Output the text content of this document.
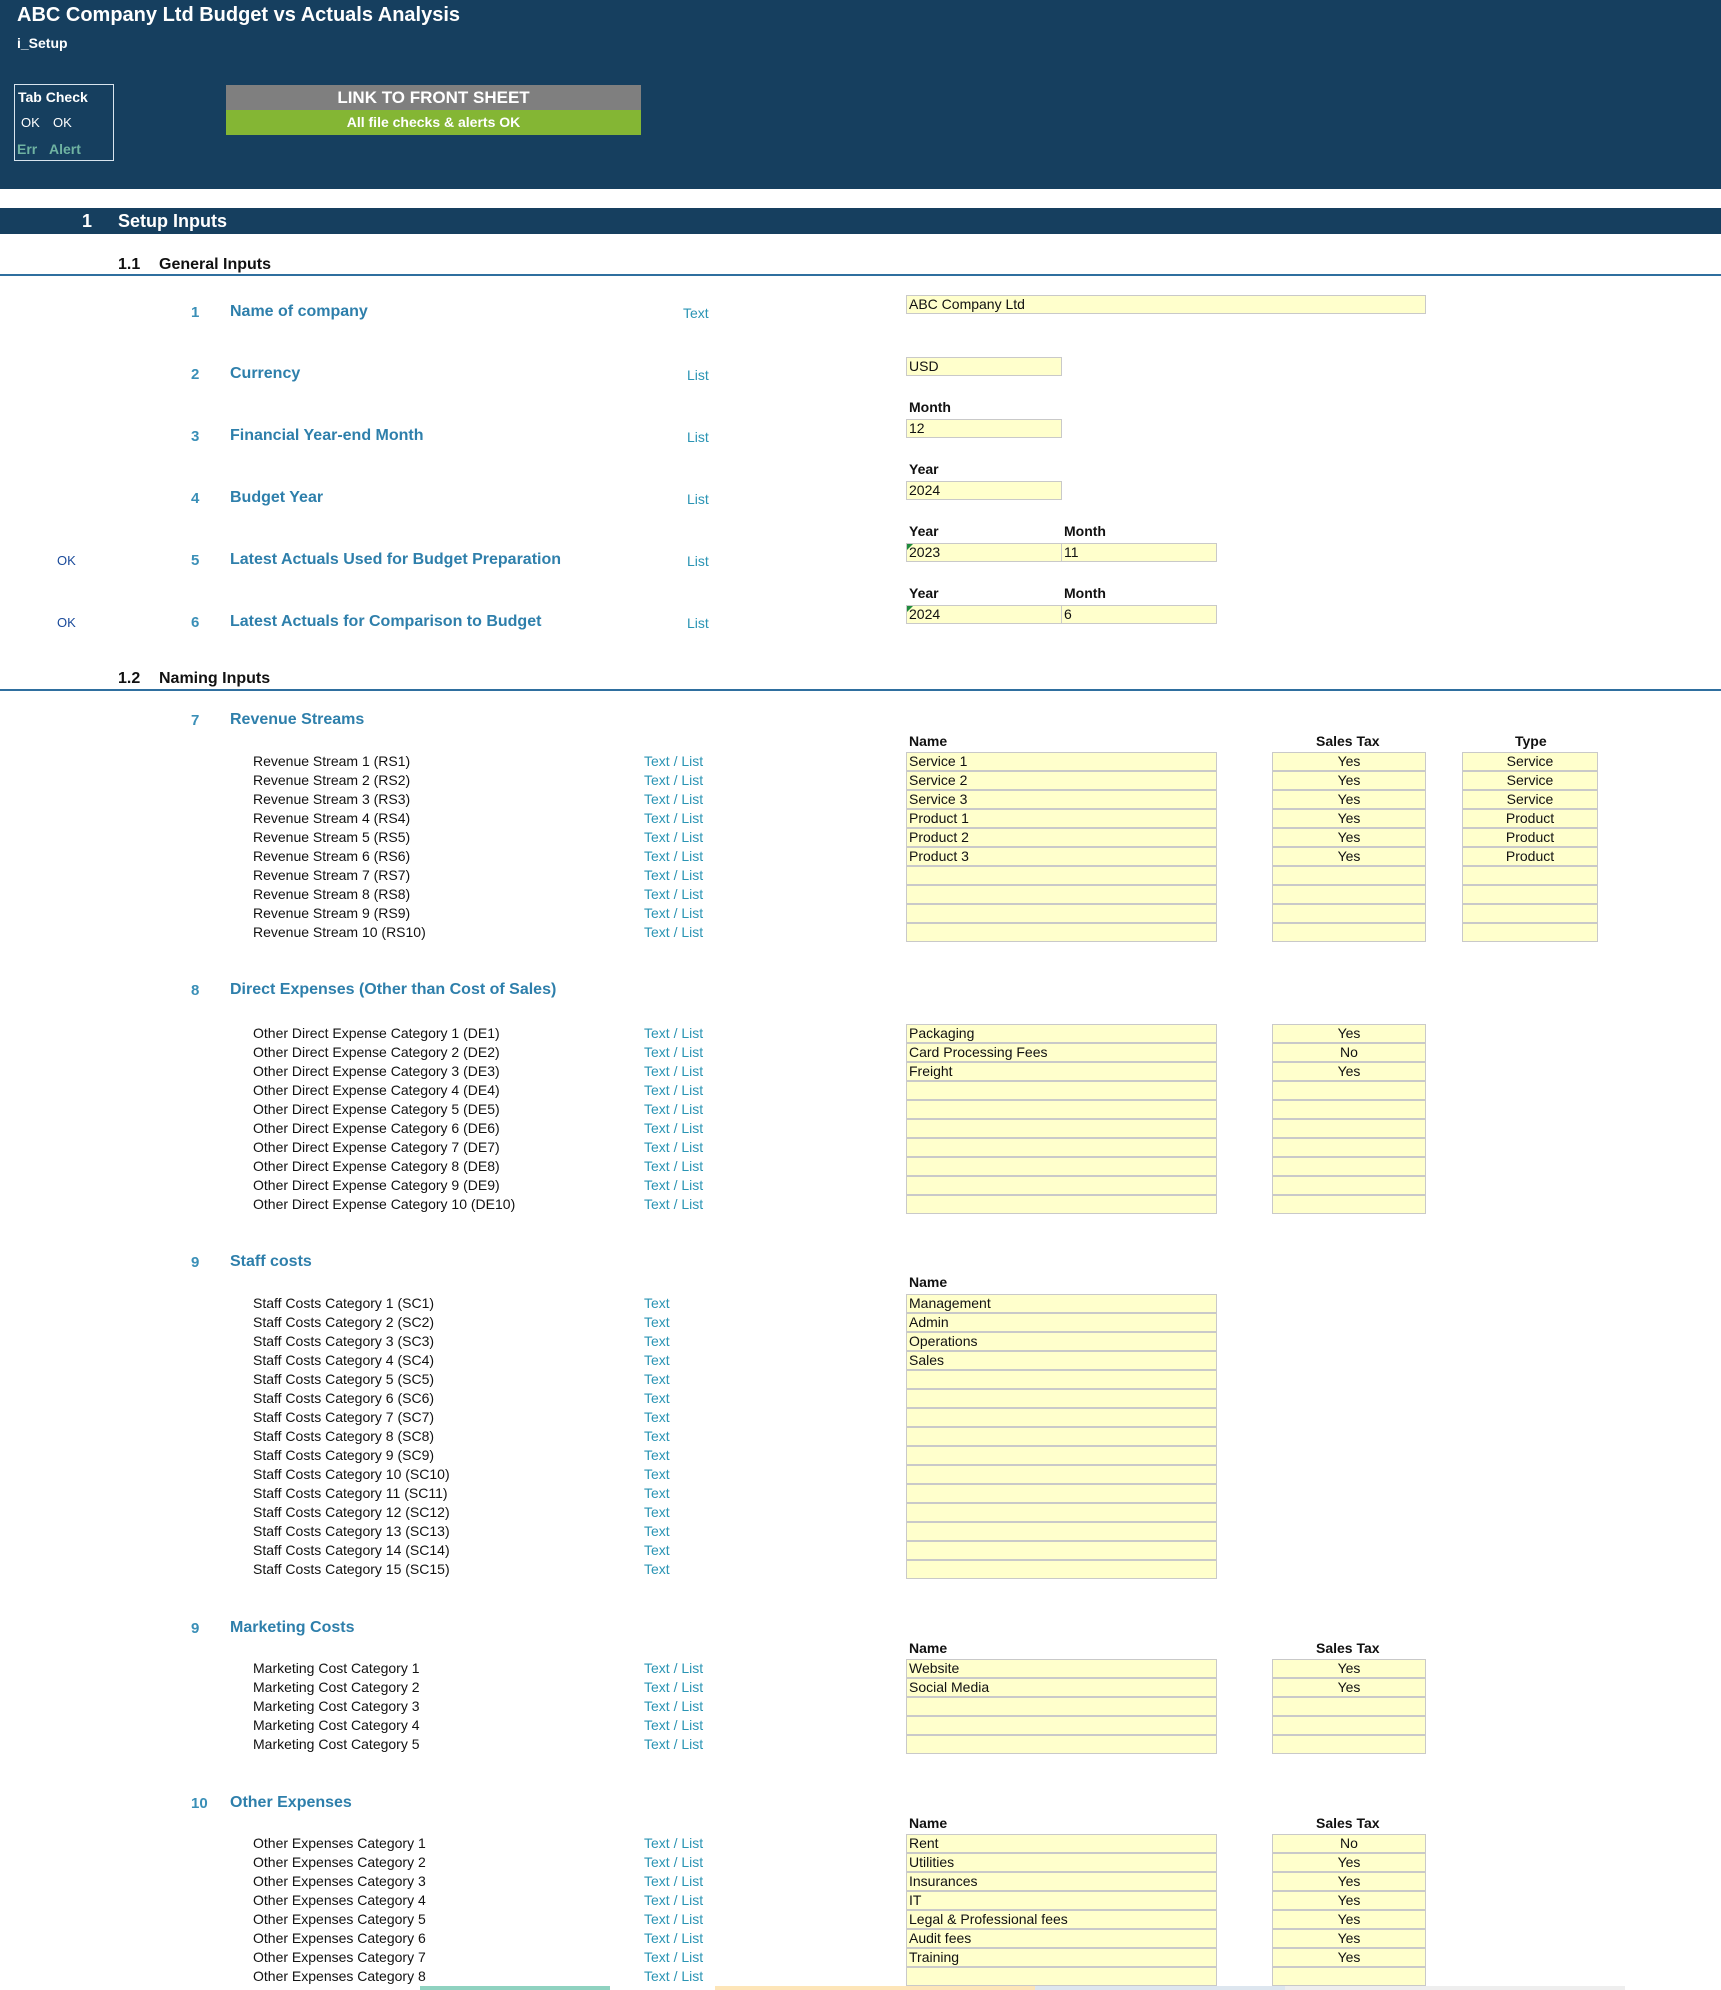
ABC Company Ltd Budget vs Actuals Analysis
i_Setup
Tab Check
OK OK
Err Alert
LINK TO FRONT SHEET
All file checks & alerts OK
1 Setup Inputs
1.1 General Inputs
1.2 Naming Inputs
1 Name of company	Text
ABC Company Ltd
2 Currency	List
USD
3 Financial Year-end Month	List
Month
12
4 Budget Year	List
Year
2024
OK	5 Latest Actuals Used for Budget Preparation	List
Year	Month
2023	11
OK	6 Latest Actuals for Comparison to Budget	List
Year	Month
2024	6
7 Revenue Streams
Name	Sales Tax	Type
Revenue Stream 1 (RS1)	Text / List	Service 1	Yes	Service
Revenue Stream 2 (RS2)	Text / List	Service 2	Yes	Service
Revenue Stream 3 (RS3)	Text / List	Service 3	Yes	Service
Revenue Stream 4 (RS4)	Text / List	Product 1	Yes	Product
Revenue Stream 5 (RS5)	Text / List	Product 2	Yes	Product
Revenue Stream 6 (RS6)	Text / List	Product 3	Yes	Product
Revenue Stream 7 (RS7)	Text / List
Revenue Stream 8 (RS8)	Text / List
Revenue Stream 9 (RS9)	Text / List
Revenue Stream 10 (RS10)	Text / List
8 Direct Expenses (Other than Cost of Sales)
Other Direct Expense Category 1 (DE1)	Text / List	Packaging	Yes
Other Direct Expense Category 2 (DE2)	Text / List	Card Processing Fees	No
Other Direct Expense Category 3 (DE3)	Text / List	Freight	Yes
Other Direct Expense Category 4 (DE4)	Text / List
Other Direct Expense Category 5 (DE5)	Text / List
Other Direct Expense Category 6 (DE6)	Text / List
Other Direct Expense Category 7 (DE7)	Text / List
Other Direct Expense Category 8 (DE8)	Text / List
Other Direct Expense Category 9 (DE9)	Text / List
Other Direct Expense Category 10 (DE10)	Text / List
9 Staff costs
Name
Staff Costs Category 1 (SC1)	Text	Management
Staff Costs Category 2 (SC2)	Text	Admin
Staff Costs Category 3 (SC3)	Text	Operations
Staff Costs Category 4 (SC4)	Text	Sales
Staff Costs Category 5 (SC5)	Text
Staff Costs Category 6 (SC6)	Text
Staff Costs Category 7 (SC7)	Text
Staff Costs Category 8 (SC8)	Text
Staff Costs Category 9 (SC9)	Text
Staff Costs Category 10 (SC10)	Text
Staff Costs Category 11 (SC11)	Text
Staff Costs Category 12 (SC12)	Text
Staff Costs Category 13 (SC13)	Text
Staff Costs Category 14 (SC14)	Text
Staff Costs Category 15 (SC15)	Text
9 Marketing Costs
Name	Sales Tax
Marketing Cost Category 1	Text / List	Website	Yes
Marketing Cost Category 2	Text / List	Social Media	Yes
Marketing Cost Category 3	Text / List
Marketing Cost Category 4	Text / List
Marketing Cost Category 5	Text / List
10 Other Expenses
Name	Sales Tax
Other Expenses Category 1	Text / List	Rent	No
Other Expenses Category 2	Text / List	Utilities	Yes
Other Expenses Category 3	Text / List	Insurances	Yes
Other Expenses Category 4	Text / List	IT	Yes
Other Expenses Category 5	Text / List	Legal & Professional fees	Yes
Other Expenses Category 6	Text / List	Audit fees	Yes
Other Expenses Category 7	Text / List	Training	Yes
Other Expenses Category 8	Text / List
